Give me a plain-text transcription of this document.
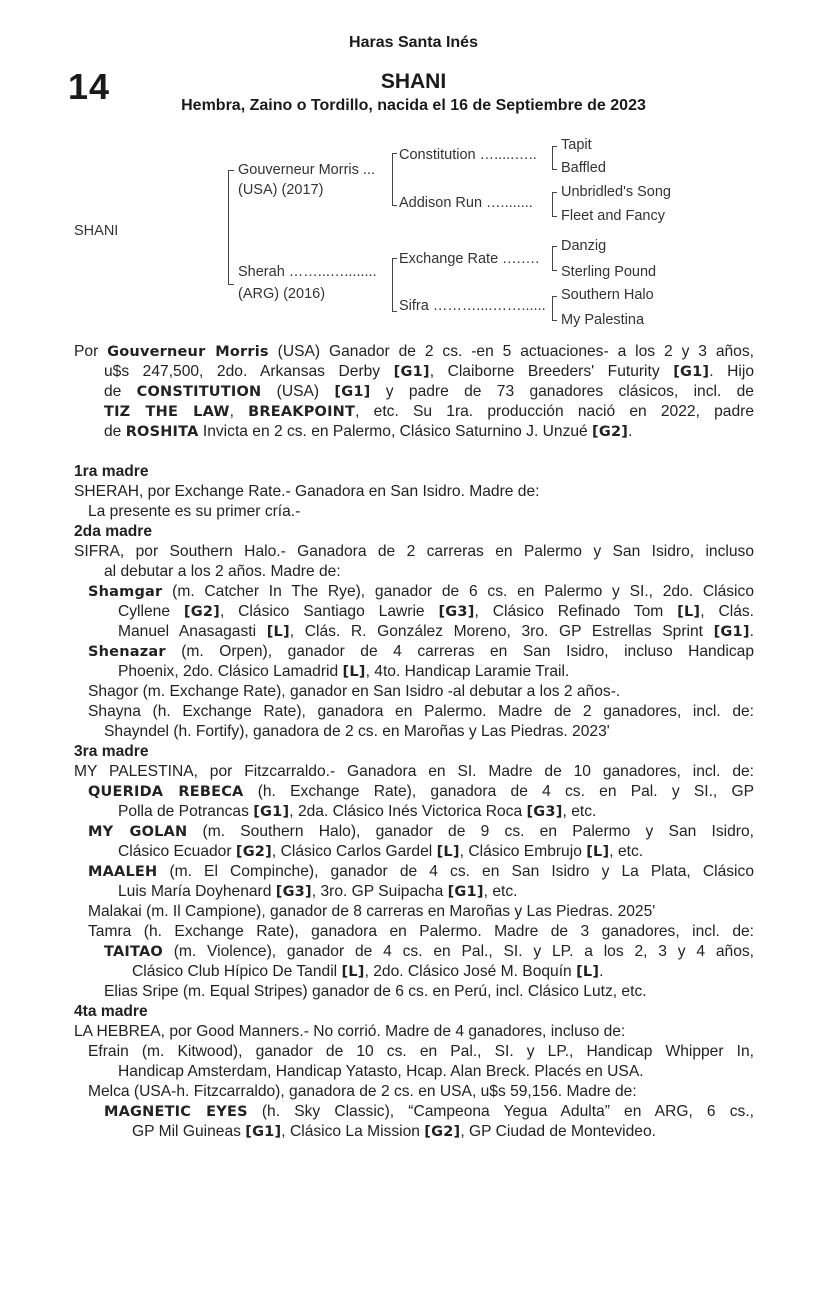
Haras Santa Inés
14	SHANI
Hembra, Zaino o Tordillo, nacida el 16 de Septiembre de 2023
SHANI
Gouverneur Morris ...
(USA) (2017)
Sherah ……...…........
(ARG) (2016)
Constitution ….....…..
Addison Run …........
Exchange Rate ….….
Sifra ………....……......
Tapit
Baffled
Unbridled's Song
Fleet and Fancy
Danzig
Sterling Pound
Southern Halo
My Palestina

Por Gouverneur Morris (USA) Ganador de 2 cs. -en 5 actuaciones- a los 2 y 3 años,

u$s 247,500, 2do. Arkansas Derby [G1], Claiborne Breeders' Futurity [G1]. Hijo

de CONSTITUTION (USA) [G1] y padre de 73 ganadores clásicos, incl. de

TIZ THE LAW, BREAKPOINT, etc. Su 1ra. producción nació en 2022, padre

de ROSHITA Invicta en 2 cs. en Palermo, Clásico Saturnino J. Unzué [G2].

1ra madre

SHERAH, por Exchange Rate.- Ganadora en San Isidro. Madre de:

La presente es su primer cría.-

2da madre

SIFRA, por Southern Halo.- Ganadora de 2 carreras en Palermo y San Isidro, incluso

al debutar a los 2 años. Madre de:

Shamgar (m. Catcher In The Rye), ganador de 6 cs. en Palermo y SI., 2do. Clásico

Cyllene [G2], Clásico Santiago Lawrie [G3], Clásico Refinado Tom [L], Clás.

Manuel Anasagasti [L], Clás. R. González Moreno, 3ro. GP Estrellas Sprint [G1].

Shenazar (m. Orpen), ganador de 4 carreras en San Isidro, incluso Handicap

Phoenix, 2do. Clásico Lamadrid [L], 4to. Handicap Laramie Trail.

Shagor (m. Exchange Rate), ganador en San Isidro -al debutar a los 2 años-.

Shayna (h. Exchange Rate), ganadora en Palermo. Madre de 2 ganadores, incl. de:

Shayndel (h. Fortify), ganadora de 2 cs. en Maroñas y Las Piedras. 2023'

3ra madre

MY PALESTINA, por Fitzcarraldo.- Ganadora en SI. Madre de 10 ganadores, incl. de:

QUERIDA REBECA (h. Exchange Rate), ganadora de 4 cs. en Pal. y SI., GP

Polla de Potrancas [G1], 2da. Clásico Inés Victorica Roca [G3], etc.

MY GOLAN (m. Southern Halo), ganador de 9 cs. en Palermo y San Isidro,

Clásico Ecuador [G2], Clásico Carlos Gardel [L], Clásico Embrujo [L], etc.

MAALEH (m. El Compinche), ganador de 4 cs. en San Isidro y La Plata, Clásico

Luis María Doyhenard [G3], 3ro. GP Suipacha [G1], etc.

Malakai (m. Il Campione), ganador de 8 carreras en Maroñas y Las Piedras. 2025'

Tamra (h. Exchange Rate), ganadora en Palermo. Madre de 3 ganadores, incl. de:

TAITAO (m. Violence), ganador de 4 cs. en Pal., SI. y LP. a los 2, 3 y 4 años,

Clásico Club Hípico De Tandil [L], 2do. Clásico José M. Boquín [L].

Elias Sripe (m. Equal Stripes) ganador de 6 cs. en Perú, incl. Clásico Lutz, etc.

4ta madre

LA HEBREA, por Good Manners.- No corrió. Madre de 4 ganadores, incluso de:

Efrain (m. Kitwood), ganador de 10 cs. en Pal., SI. y LP., Handicap Whipper In,

Handicap Amsterdam, Handicap Yatasto, Hcap. Alan Breck. Placés en USA.

Melca (USA-h. Fitzcarraldo), ganadora de 2 cs. en USA, u$s 59,156. Madre de:

MAGNETIC EYES (h. Sky Classic), “Campeona Yegua Adulta” en ARG, 6 cs.,

GP Mil Guineas [G1], Clásico La Mission [G2], GP Ciudad de Montevideo.
